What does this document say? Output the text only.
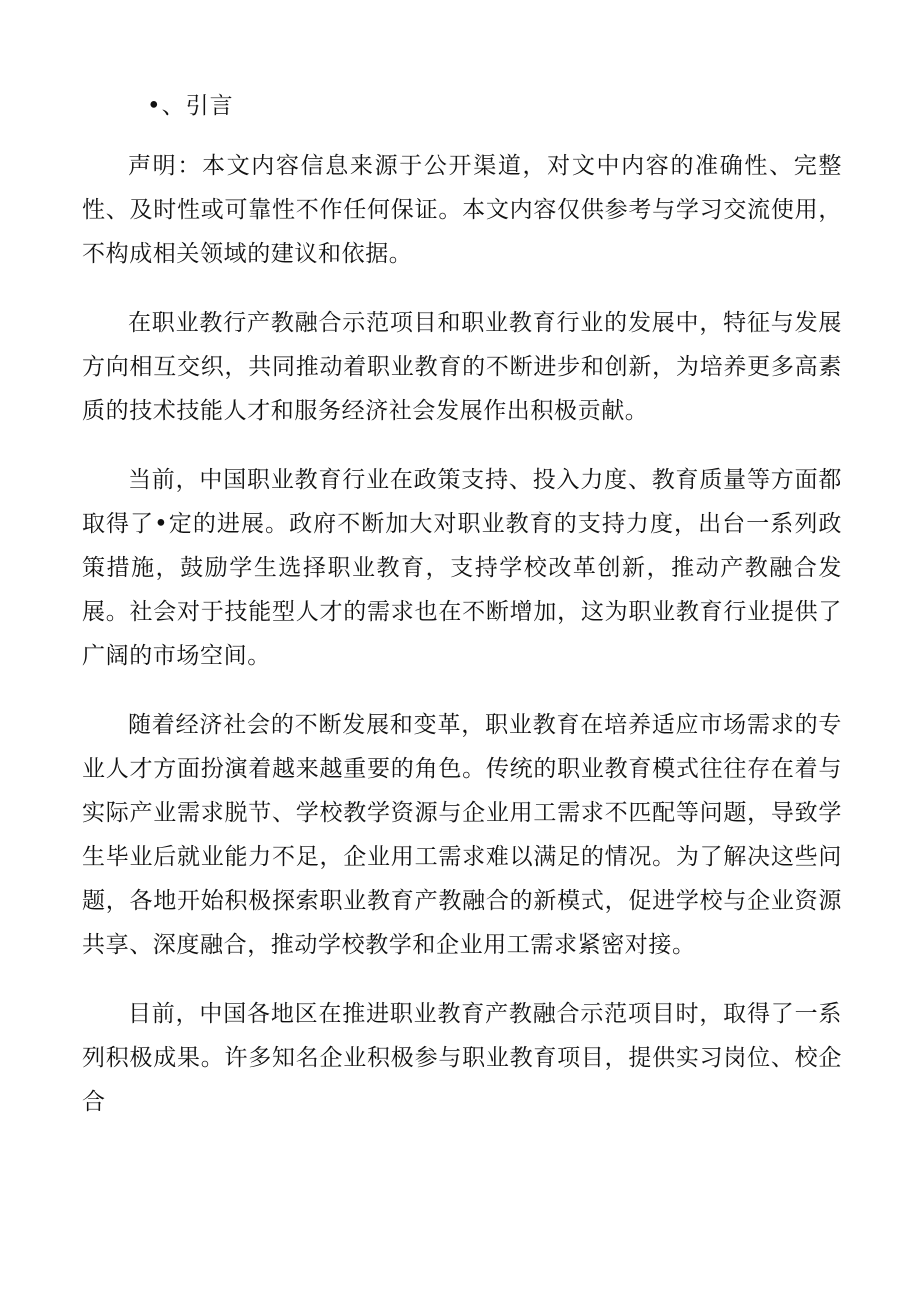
•、引言

声明：本文内容信息来源于公开渠道，对文中内容的准确性、完整性、及时性或可靠性不作任何保证。本文内容仅供参考与学习交流使用，不构成相关领域的建议和依据。

在职业教行产教融合示范项目和职业教育行业的发展中，特征与发展方向相互交织，共同推动着职业教育的不断进步和创新，为培养更多高素质的技术技能人才和服务经济社会发展作出积极贡献。

当前，中国职业教育行业在政策支持、投入力度、教育质量等方面都取得了•定的进展。政府不断加大对职业教育的支持力度，出台一系列政策措施，鼓励学生选择职业教育，支持学校改革创新，推动产教融合发展。社会对于技能型人才的需求也在不断增加，这为职业教育行业提供了广阔的市场空间。

随着经济社会的不断发展和变革，职业教育在培养适应市场需求的专业人才方面扮演着越来越重要的角色。传统的职业教育模式往往存在着与实际产业需求脱节、学校教学资源与企业用工需求不匹配等问题，导致学生毕业后就业能力不足，企业用工需求难以满足的情况。为了解决这些问题，各地开始积极探索职业教育产教融合的新模式，促进学校与企业资源共享、深度融合，推动学校教学和企业用工需求紧密对接。

目前，中国各地区在推进职业教育产教融合示范项目时，取得了一系列积极成果。许多知名企业积极参与职业教育项目，提供实习岗位、校企合
